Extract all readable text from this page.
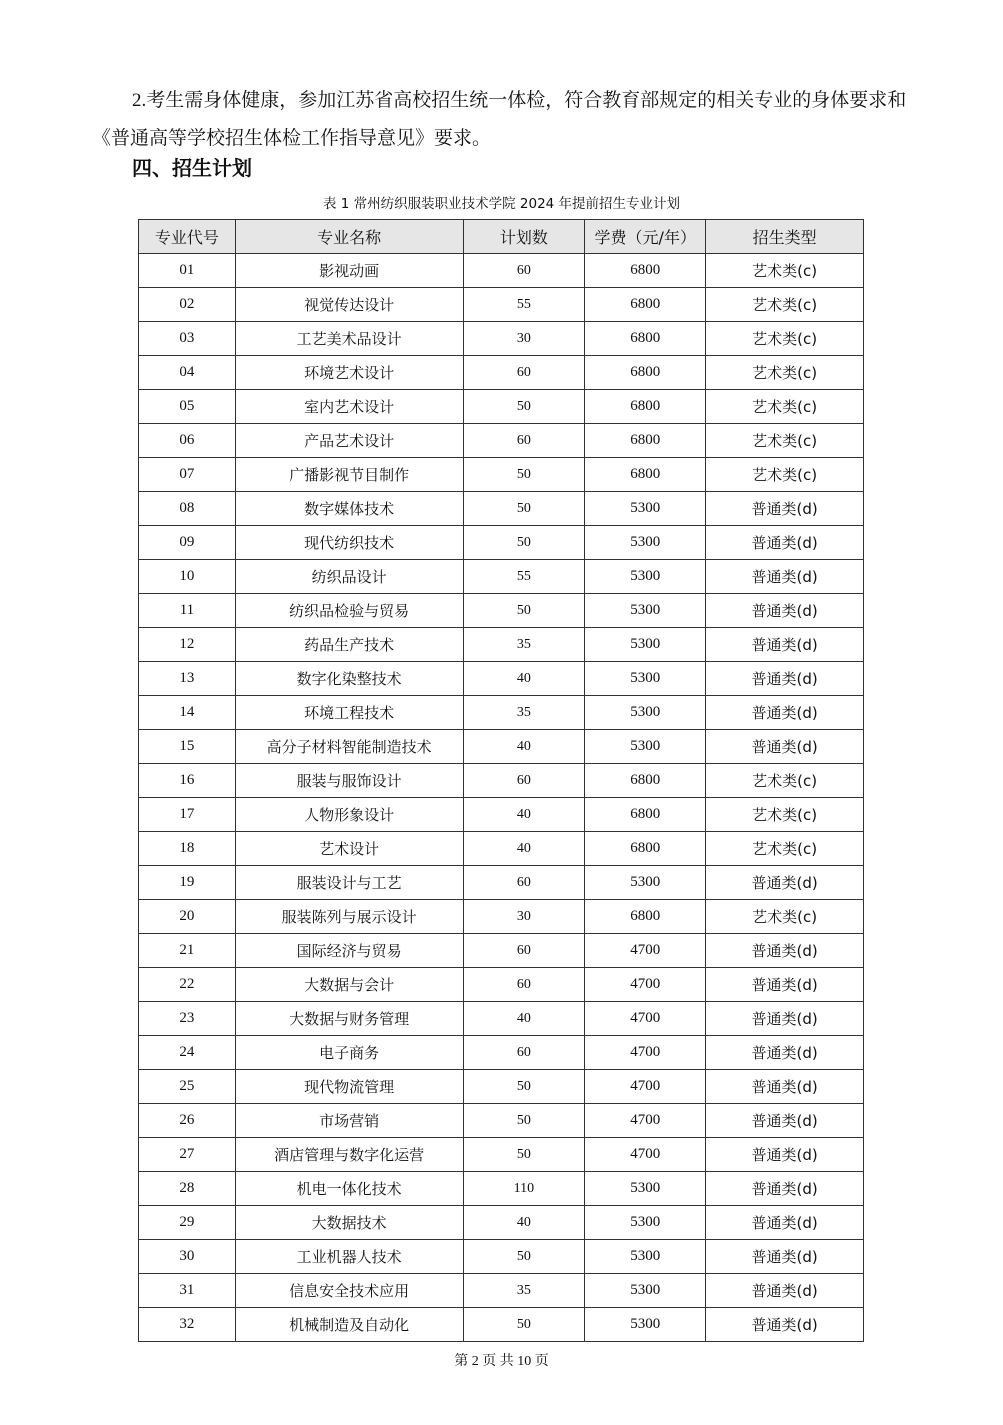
2.考生需身体健康，参加江苏省高校招生统一体检，符合教育部规定的相关专业的身体要求和《普通高等学校招生体检工作指导意见》要求。
四、招生计划
表 1 常州纺织服装职业技术学院 2024 年提前招生专业计划
专业代号	专业名称	计划数	学费（元/年）	招生类型
01	影视动画	60	6800	艺术类(c)
02	视觉传达设计	55	6800	艺术类(c)
03	工艺美术品设计	30	6800	艺术类(c)
04	环境艺术设计	60	6800	艺术类(c)
05	室内艺术设计	50	6800	艺术类(c)
06	产品艺术设计	60	6800	艺术类(c)
07	广播影视节目制作	50	6800	艺术类(c)
08	数字媒体技术	50	5300	普通类(d)
09	现代纺织技术	50	5300	普通类(d)
10	纺织品设计	55	5300	普通类(d)
11	纺织品检验与贸易	50	5300	普通类(d)
12	药品生产技术	35	5300	普通类(d)
13	数字化染整技术	40	5300	普通类(d)
14	环境工程技术	35	5300	普通类(d)
15	高分子材料智能制造技术	40	5300	普通类(d)
16	服装与服饰设计	60	6800	艺术类(c)
17	人物形象设计	40	6800	艺术类(c)
18	艺术设计	40	6800	艺术类(c)
19	服装设计与工艺	60	5300	普通类(d)
20	服装陈列与展示设计	30	6800	艺术类(c)
21	国际经济与贸易	60	4700	普通类(d)
22	大数据与会计	60	4700	普通类(d)
23	大数据与财务管理	40	4700	普通类(d)
24	电子商务	60	4700	普通类(d)
25	现代物流管理	50	4700	普通类(d)
26	市场营销	50	4700	普通类(d)
27	酒店管理与数字化运营	50	4700	普通类(d)
28	机电一体化技术	110	5300	普通类(d)
29	大数据技术	40	5300	普通类(d)
30	工业机器人技术	50	5300	普通类(d)
31	信息安全技术应用	35	5300	普通类(d)
32	机械制造及自动化	50	5300	普通类(d)
第 2 页 共 10 页
